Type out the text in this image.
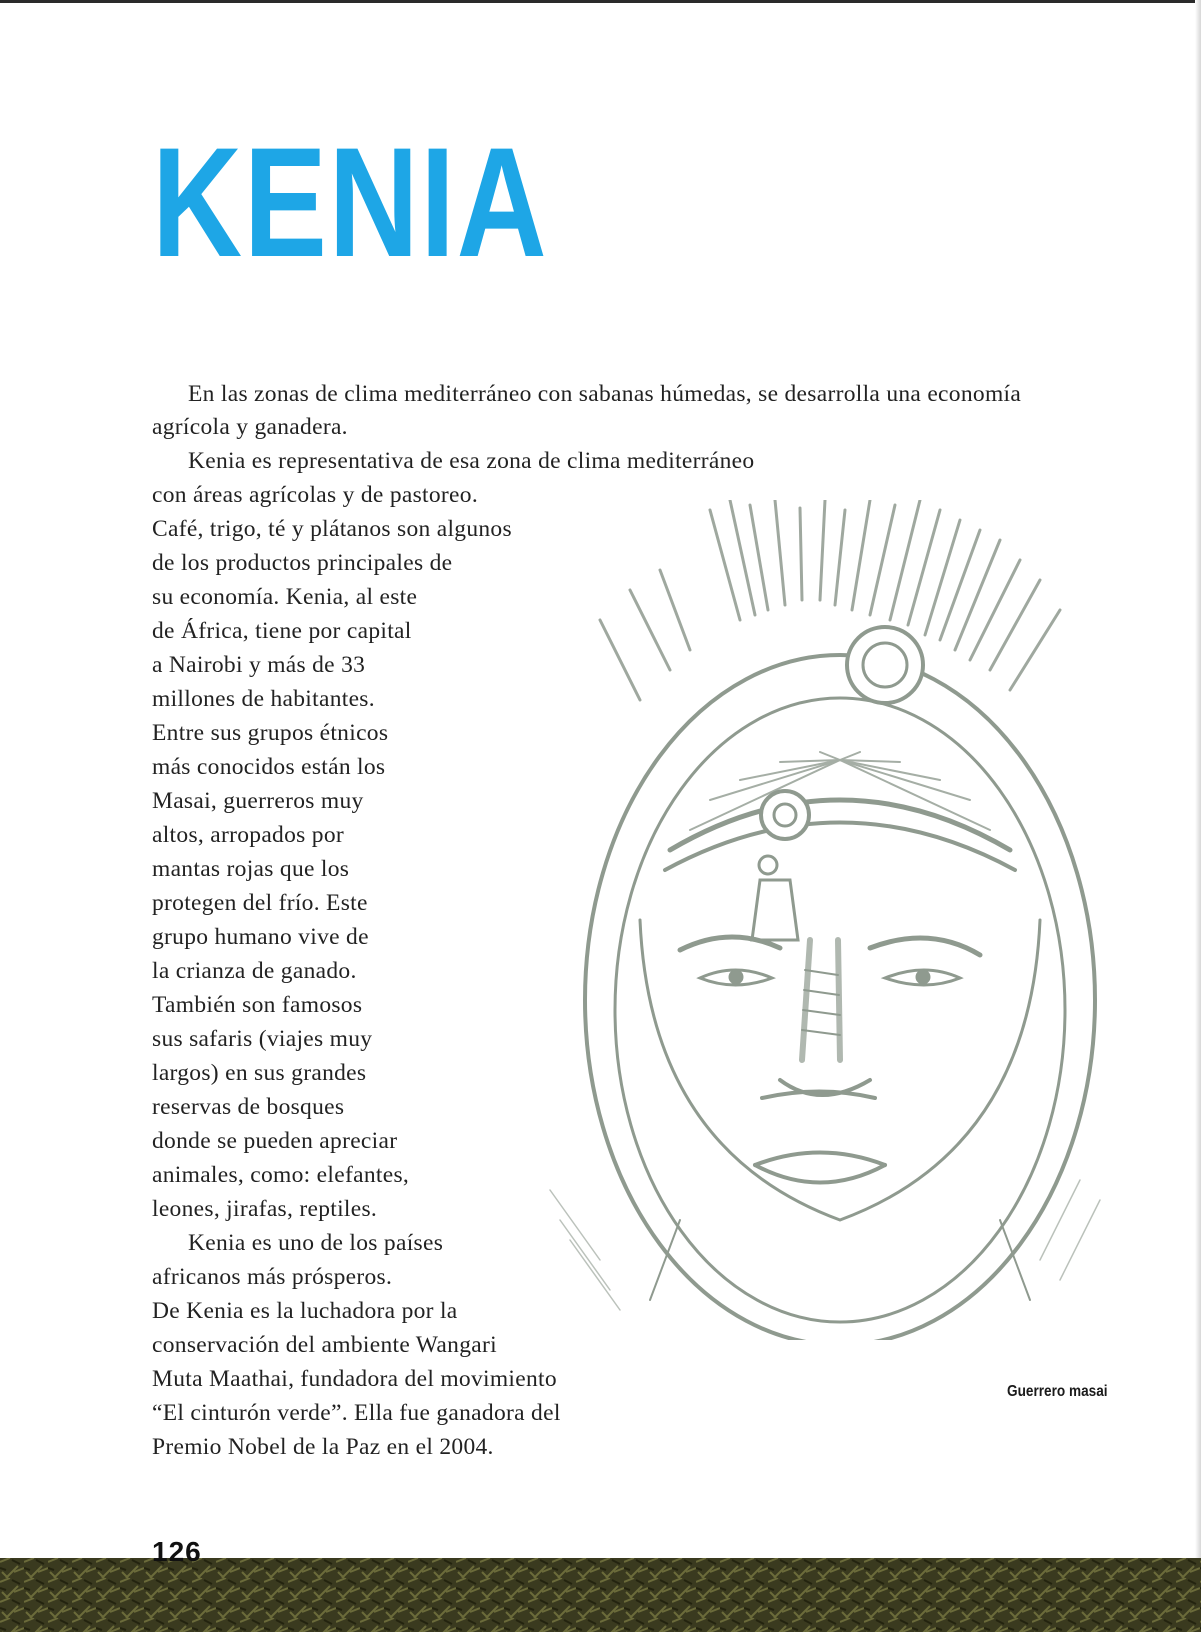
KENIA

En las zonas de clima mediterráneo con sabanas húmedas, se desarrolla una economía

agrícola y ganadera.

Kenia es representativa de esa zona de clima mediterráneo

con áreas agrícolas y de pastoreo.

Café, trigo, té y plátanos son algunos

de los productos principales de

su economía. Kenia, al este

de África, tiene por capital

a Nairobi y más de 33

millones de habitantes.

Entre sus grupos étnicos

más conocidos están los

Masai, guerreros muy

altos, arropados por

mantas rojas que los

protegen del frío. Este

grupo humano vive de

la crianza de ganado.

También son famosos

sus safaris (viajes muy

largos) en sus grandes

reservas de bosques

donde se pueden apreciar

animales, como: elefantes,

leones, jirafas, reptiles.

Kenia es uno de los países

africanos más prósperos.

De Kenia es la luchadora por la

conservación del ambiente Wangari

Muta Maathai, fundadora del movimiento

“El cinturón verde”. Ella fue ganadora del

Premio Nobel de la Paz en el 2004.

Guerrero masai

126
